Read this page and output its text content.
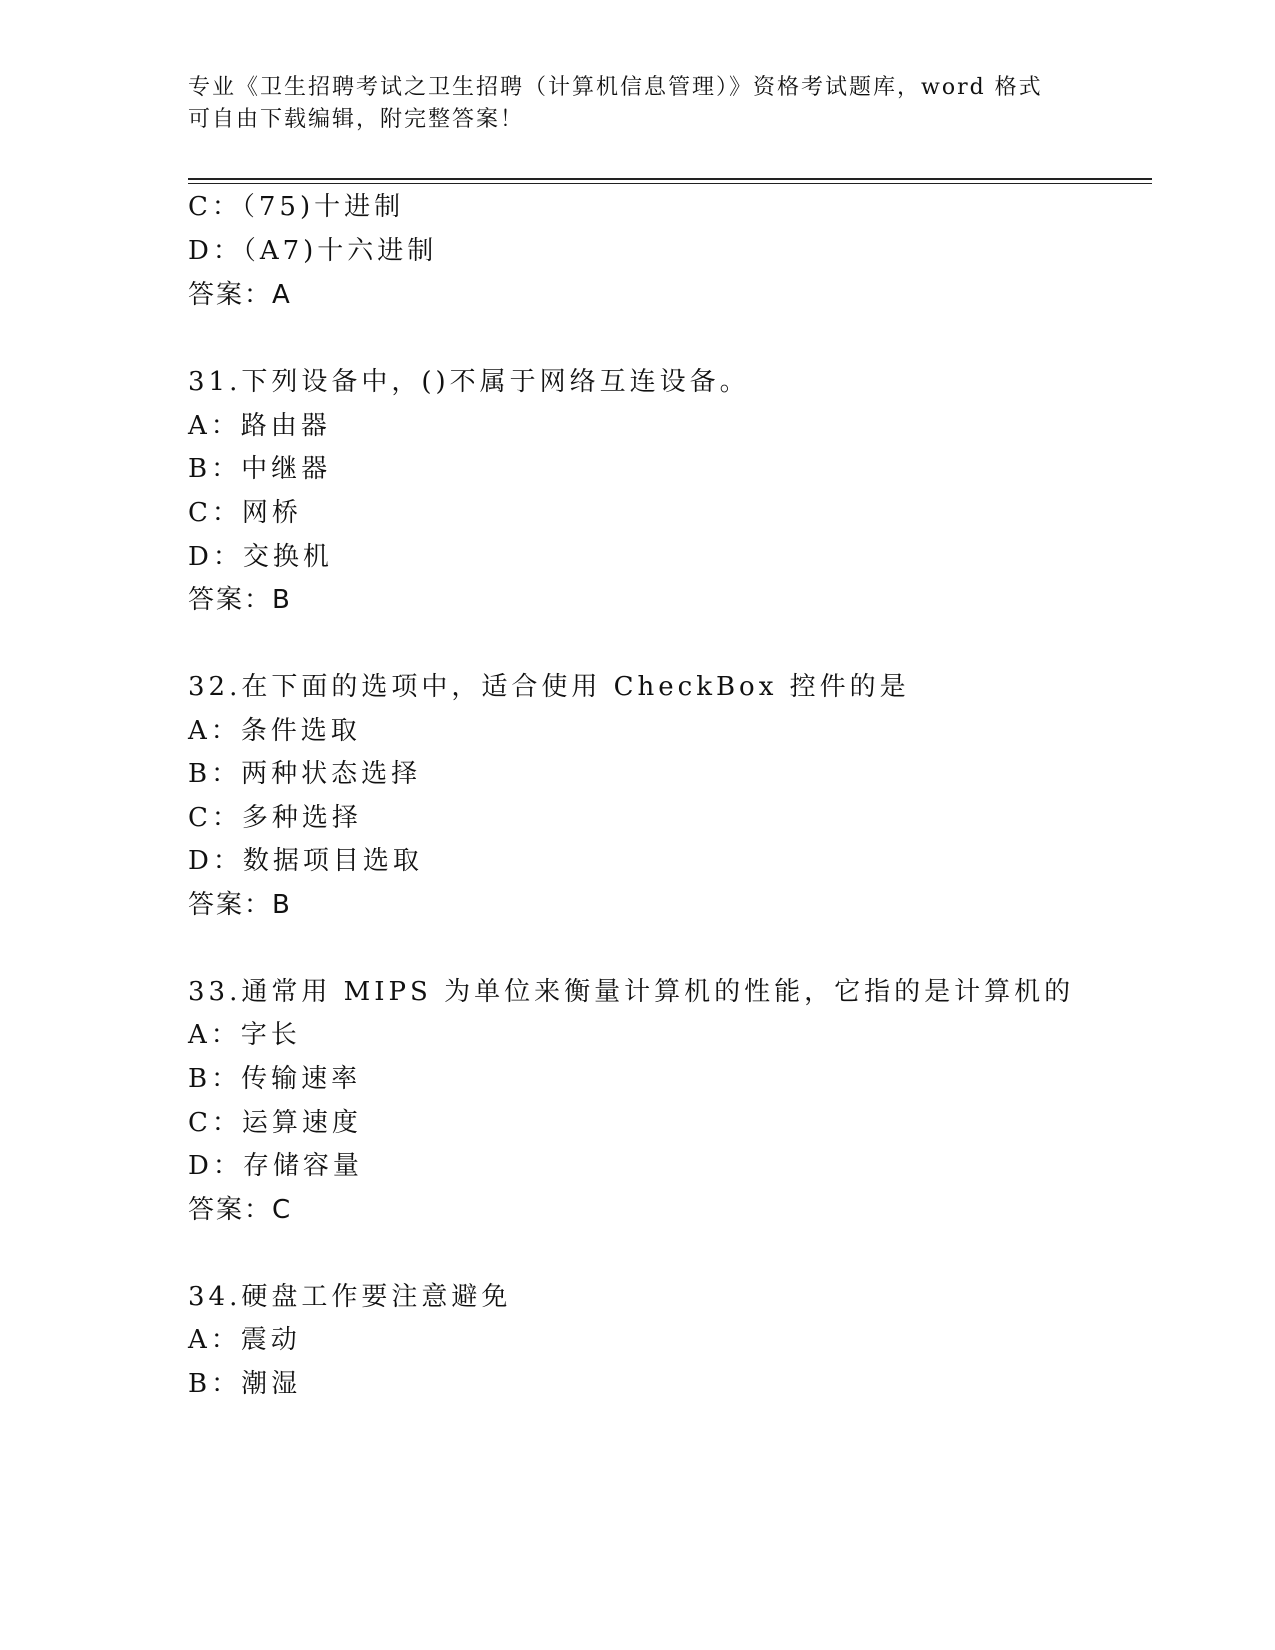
专业《卫生招聘考试之卫生招聘（计算机信息管理）》资格考试题库，word 格式
可自由下载编辑，附完整答案！
C：（75)十进制
D：（A7)十六进制
答案：A
31.下列设备中，()不属于网络互连设备。
A：路由器
B：中继器
C：网桥
D：交换机
答案：B
32.在下面的选项中，适合使用 CheckBox 控件的是
A：条件选取
B：两种状态选择
C：多种选择
D：数据项目选取
答案：B
33.通常用 MIPS 为单位来衡量计算机的性能，它指的是计算机的
A：字长
B：传输速率
C：运算速度
D：存储容量
答案：C
34.硬盘工作要注意避免
A：震动
B：潮湿
